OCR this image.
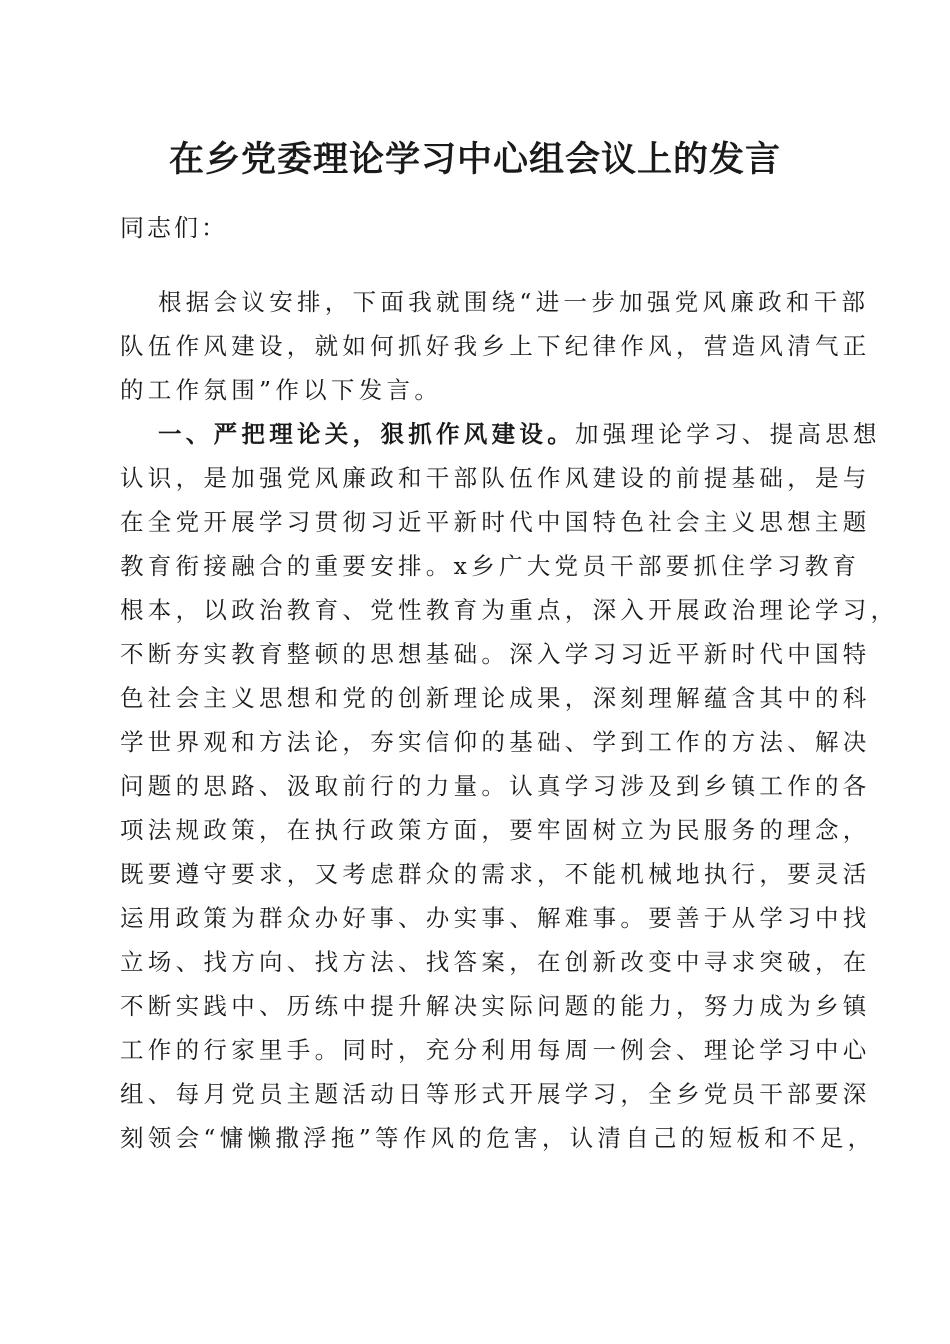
在乡党委理论学习中心组会议上的发言
同志们：
根据会议安排，下面我就围绕“进一步加强党风廉政和干部
队伍作风建设，就如何抓好我乡上下纪律作风，营造风清气正
的工作氛围”作以下发言。
一、严把理论关，狠抓作风建设。加强理论学习、提高思想
认识，是加强党风廉政和干部队伍作风建设的前提基础，是与
在全党开展学习贯彻习近平新时代中国特色社会主义思想主题
教育衔接融合的重要安排。x乡广大党员干部要抓住学习教育
根本，以政治教育、党性教育为重点，深入开展政治理论学习，
不断夯实教育整顿的思想基础。深入学习习近平新时代中国特
色社会主义思想和党的创新理论成果，深刻理解蕴含其中的科
学世界观和方法论，夯实信仰的基础、学到工作的方法、解决
问题的思路、汲取前行的力量。认真学习涉及到乡镇工作的各
项法规政策，在执行政策方面，要牢固树立为民服务的理念，
既要遵守要求，又考虑群众的需求，不能机械地执行，要灵活
运用政策为群众办好事、办实事、解难事。要善于从学习中找
立场、找方向、找方法、找答案，在创新改变中寻求突破，在
不断实践中、历练中提升解决实际问题的能力，努力成为乡镇
工作的行家里手。同时，充分利用每周一例会、理论学习中心
组、每月党员主题活动日等形式开展学习，全乡党员干部要深
刻领会“慵懒撒浮拖”等作风的危害，认清自己的短板和不足，
